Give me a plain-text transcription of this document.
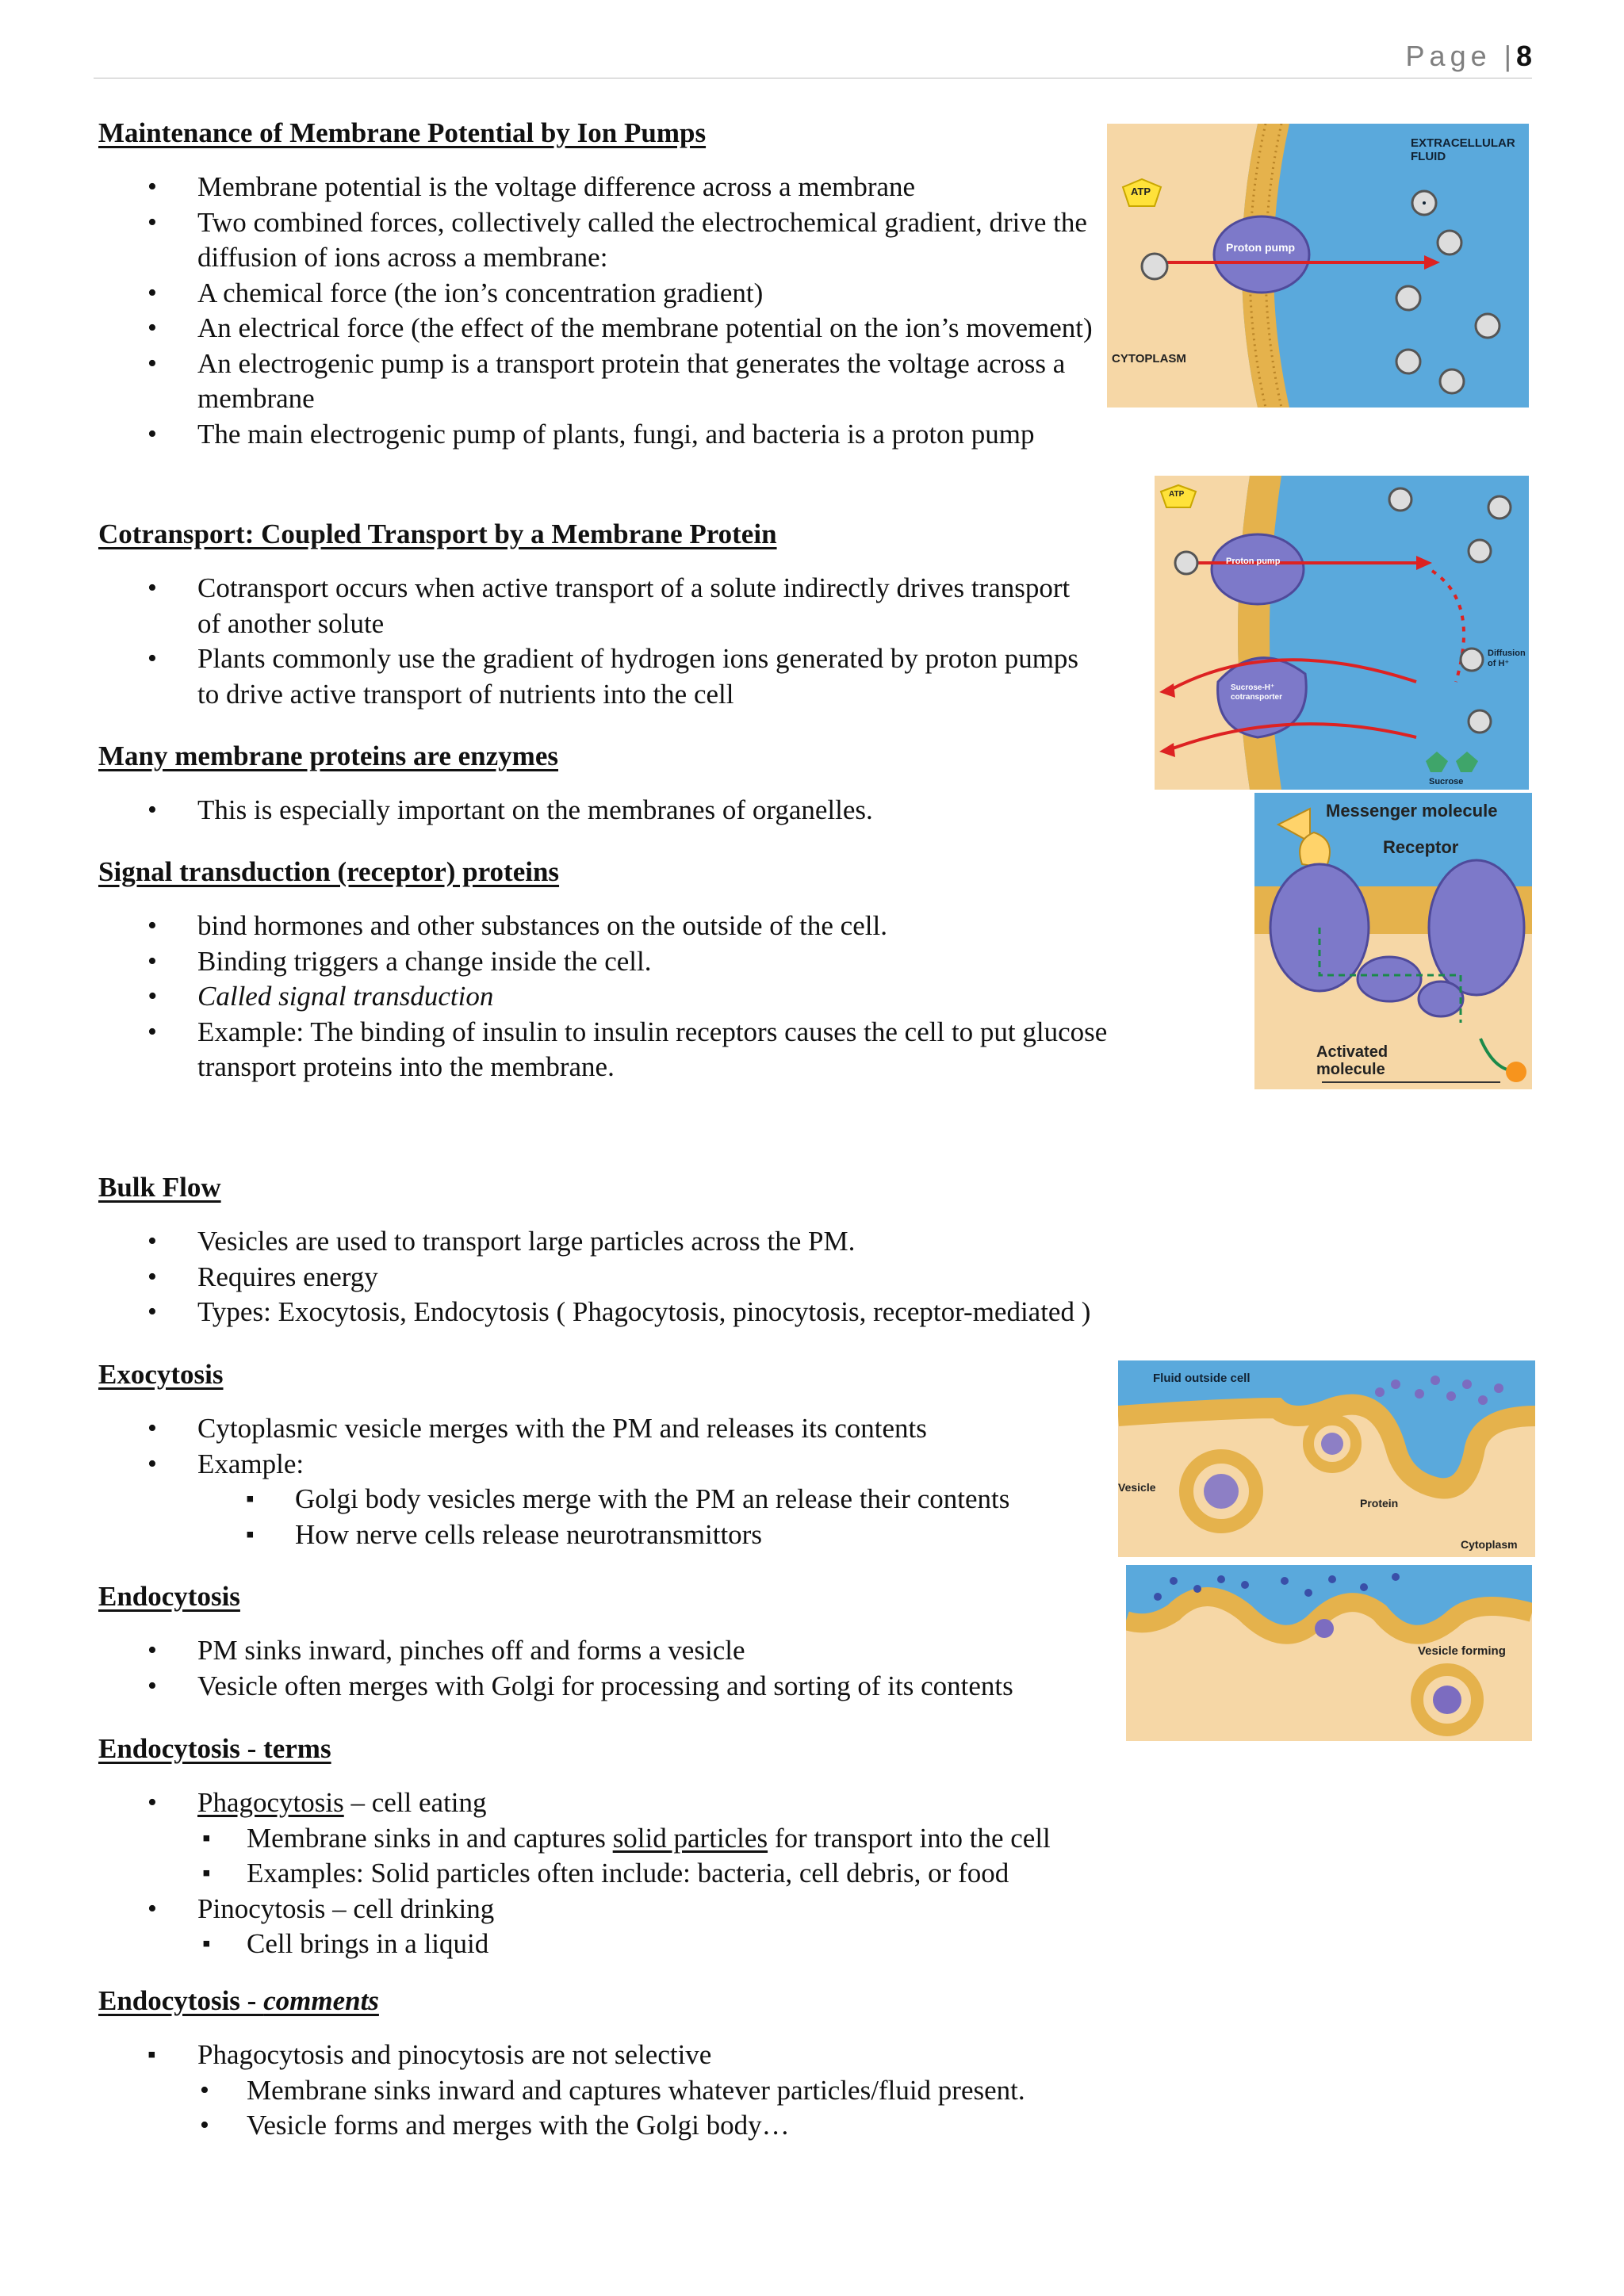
Page |8
Maintenance of Membrane Potential by Ion Pumps
• Membrane potential is the voltage difference across a membrane
• Two combined forces, collectively called the electrochemical gradient, drive the diffusion of ions across a membrane:
• A chemical force (the ion’s concentration gradient)
• An electrical force (the effect of the membrane potential on the ion’s movement)
• An electrogenic pump is a transport protein that generates the voltage across a membrane
• The main electrogenic pump of plants, fungi, and bacteria is a proton pump
Cotransport: Coupled Transport by a Membrane Protein
• Cotransport occurs when active transport of a solute indirectly drives transport of another solute
• Plants commonly use the gradient of hydrogen ions generated by proton pumps to drive active transport of nutrients into the cell
Many membrane proteins are enzymes
• This is especially important on the membranes of organelles.
Signal transduction (receptor) proteins
• bind hormones and other substances on the outside of the cell.
• Binding triggers a change inside the cell.
• Called signal transduction
• Example: The binding of insulin to insulin receptors causes the cell to put glucose transport proteins into the membrane.
Bulk Flow
• Vesicles are used to transport large particles across the PM.
• Requires energy
• Types: Exocytosis, Endocytosis ( Phagocytosis, pinocytosis, receptor-mediated )
Exocytosis
• Cytoplasmic vesicle merges with the PM and releases its contents
• Example:
▪ Golgi body vesicles merge with the PM an release their contents
▪ How nerve cells release neurotransmittors
Endocytosis
• PM sinks inward, pinches off and forms a vesicle
• Vesicle often merges with Golgi for processing and sorting of its contents
Endocytosis - terms
• Phagocytosis – cell eating
▪ Membrane sinks in and captures solid particles for transport into the cell
▪ Examples: Solid particles often include: bacteria, cell debris, or food
• Pinocytosis – cell drinking
▪ Cell brings in a liquid
Endocytosis - comments
▪ Phagocytosis and pinocytosis are not selective
• Membrane sinks inward and captures whatever particles/fluid present.
• Vesicle forms and merges with the Golgi body…
EXTRACELLULAR FLUID
CYTOPLASM
ATP
Proton pump
Proton pump
Sucrose-H⁺ cotransporter
Diffusion of H⁺
Sucrose
ATP
Messenger molecule
Receptor
Activated molecule
Fluid outside cell
Vesicle
Protein
Cytoplasm
Vesicle forming
